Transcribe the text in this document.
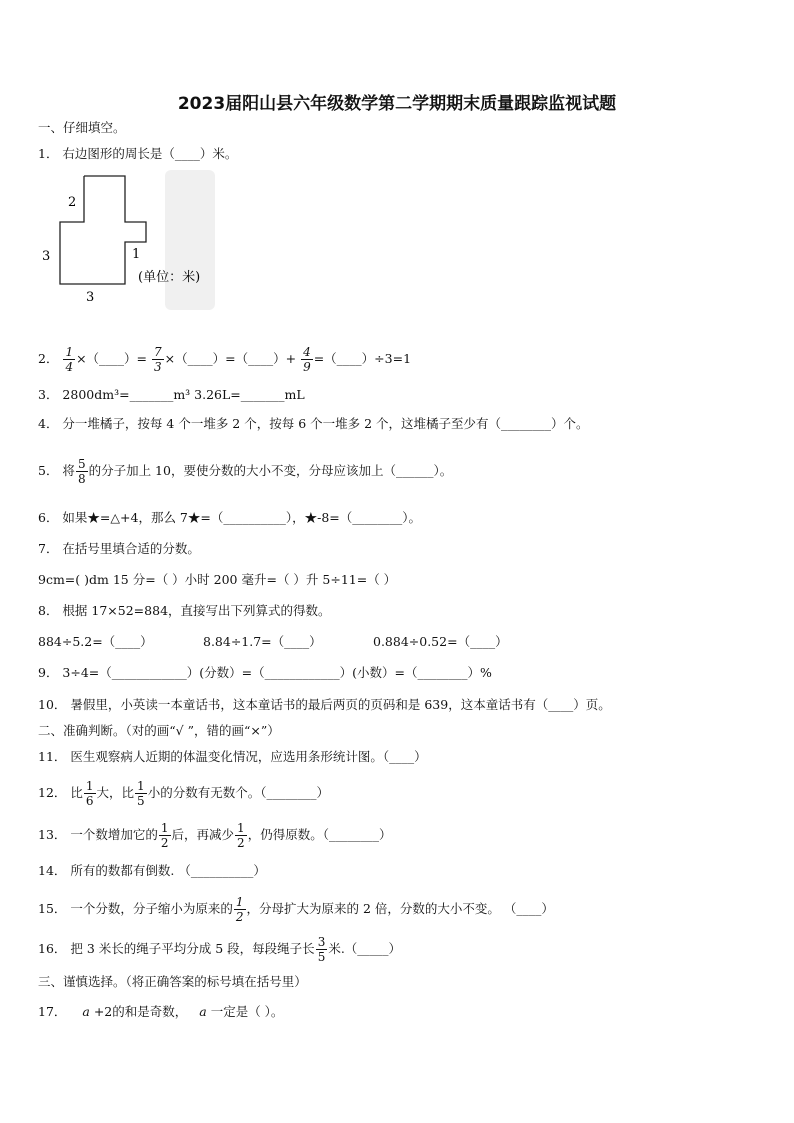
2023届阳山县六年级数学第二学期期末质量跟踪监视试题
一、仔细填空。
1． 右边图形的周长是（____）米。
2
3	1
3
(单位：米)
2． $\frac{1}{4}$ ×（____）= $\frac{7}{3}$ ×（____）=（____）+ $\frac{4}{9}$ =（____）÷3=1
3． 2800dm³=_______m³ 3.26L=_______mL
4． 分一堆橘子，按每 4 个一堆多 2 个，按每 6 个一堆多 2 个，这堆橘子至少有（________）个。
5． 将 $\frac{5}{8}$ 的分子加上 10，要使分数的大小不变，分母应该加上（______）。
6． 如果★=△+4，那么 7★=（__________），★-8=（________）。
7． 在括号里填合适的分数。
9cm=( )dm 15 分=（ ）小时 200 毫升=（ ）升 5÷11=（ ）
8． 根据 17×52=884，直接写出下列算式的得数。
884÷5.2=（____）	8.84÷1.7=（____）	0.884÷0.52=（____）
9． 3÷4=（____________）(分数）=（____________）(小数）=（________）%
10． 暑假里，小英读一本童话书，这本童话书的最后两页的页码和是 639，这本童话书有（____）页。
二、准确判断。（对的画“√ ”，错的画“×”）
11． 医生观察病人近期的体温变化情况，应选用条形统计图。（____）
12． 比 $\frac{1}{6}$ 大，比 $\frac{1}{5}$ 小的分数有无数个。（________）
13． 一个数增加它的 $\frac{1}{2}$ 后，再减少 $\frac{1}{2}$ ，仍得原数。（________）
14． 所有的数都有倒数. （__________）
15． 一个分数，分子缩小为原来的 $\frac{1}{2}$ ，分母扩大为原来的 2 倍，分数的大小不变。 （____）
16． 把 3 米长的绳子平均分成 5 段，每段绳子长 $\frac{3}{5}$ 米.（_____）
三、谨慎选择。（将正确答案的标号填在括号里）
17． a +2的和是奇数， a 一定是（ ）。
